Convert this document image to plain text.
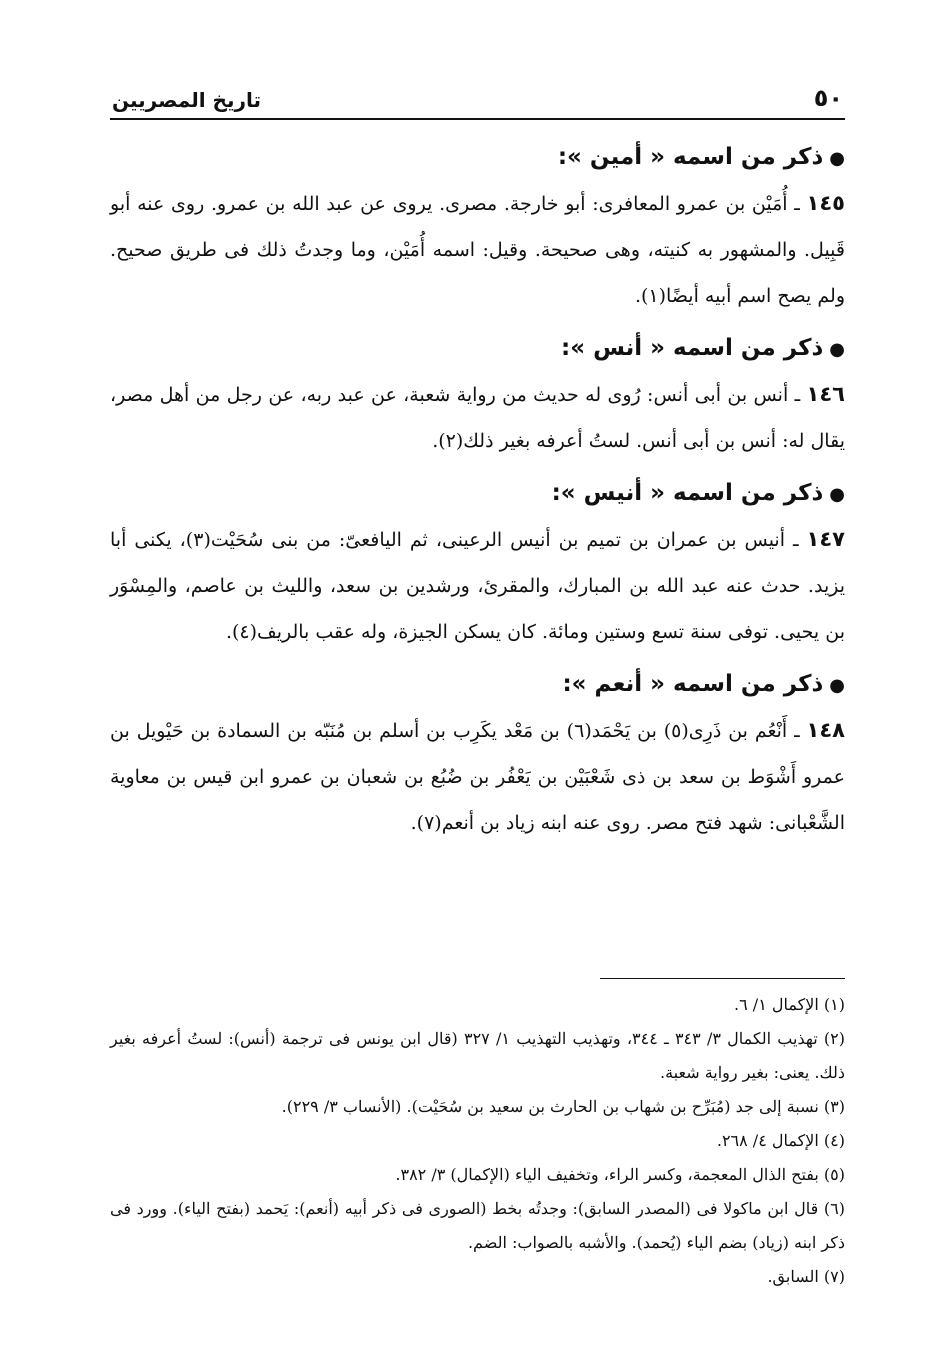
٥٠
تاريخ المصريين
●ذكر من اسمه « أمين »:

١٤٥ ـ أُمَيْن بن عمرو المعافرى: أبو خارجة. مصرى. يروى عن عبد الله بن عمرو. روى عنه أبو قَبِيل. والمشهور به كنيته، وهى صحيحة. وقيل: اسمه أُمَيْن، وما وجدتُ ذلك فى طريق صحيح. ولم يصح اسم أبيه أيضًا(١).

●ذكر من اسمه « أنس »:

١٤٦ ـ أنس بن أبى أنس: رُوى له حديث من رواية شعبة، عن عبد ربه، عن رجل من أهل مصر، يقال له: أنس بن أبى أنس. لستُ أعرفه بغير ذلك(٢).

●ذكر من اسمه « أنيس »:

١٤٧ ـ أنيس بن عمران بن تميم بن أنيس الرعينى، ثم اليافعىّ: من بنى سُحَيْت(٣)، يكنى أبا يزيد. حدث عنه عبد الله بن المبارك، والمقرئ، ورشدين بن سعد، والليث بن عاصم، والمِسْوَر بن يحيى. توفى سنة تسع وستين ومائة. كان يسكن الجيزة، وله عقب بالريف(٤).

●ذكر من اسمه « أنعم »:

١٤٨ ـ أَنْعُم بن ذَرِى(٥) بن يَحْمَد(٦) بن مَعْد يكَرِب بن أسلم بن مُنَبّه بن السمادة بن حَيْويل بن عمرو أَشْوَط بن سعد بن ذى شَعْبَيْن بن يَعْفُر بن ضُبُع بن شعبان بن عمرو ابن قيس بن معاوية الشَّعْبانى: شهد فتح مصر. روى عنه ابنه زياد بن أنعم(٧).

(١) الإكمال ١/ ٦.

(٢) تهذيب الكمال ٣/ ٣٤٣ ـ ٣٤٤، وتهذيب التهذيب ١/ ٣٢٧ (قال ابن يونس فى ترجمة (أنس): لستُ أعرفه بغير ذلك. يعنى: بغير رواية شعبة.

(٣) نسبة إلى جد (مُبَرِّح بن شهاب بن الحارث بن سعيد بن سُحَيْت). (الأنساب ٣/ ٢٢٩).

(٤) الإكمال ٤/ ٢٦٨.

(٥) بفتح الذال المعجمة، وكسر الراء، وتخفيف الياء (الإكمال) ٣/ ٣٨٢.

(٦) قال ابن ماكولا فى (المصدر السابق): وجدتُه بخط (الصورى فى ذكر أبيه (أنعم): يَحمد (بفتح الياء). وورد فى ذكر ابنه (زياد) بضم الياء (يُحمد). والأشبه بالصواب: الضم.

(٧) السابق.
